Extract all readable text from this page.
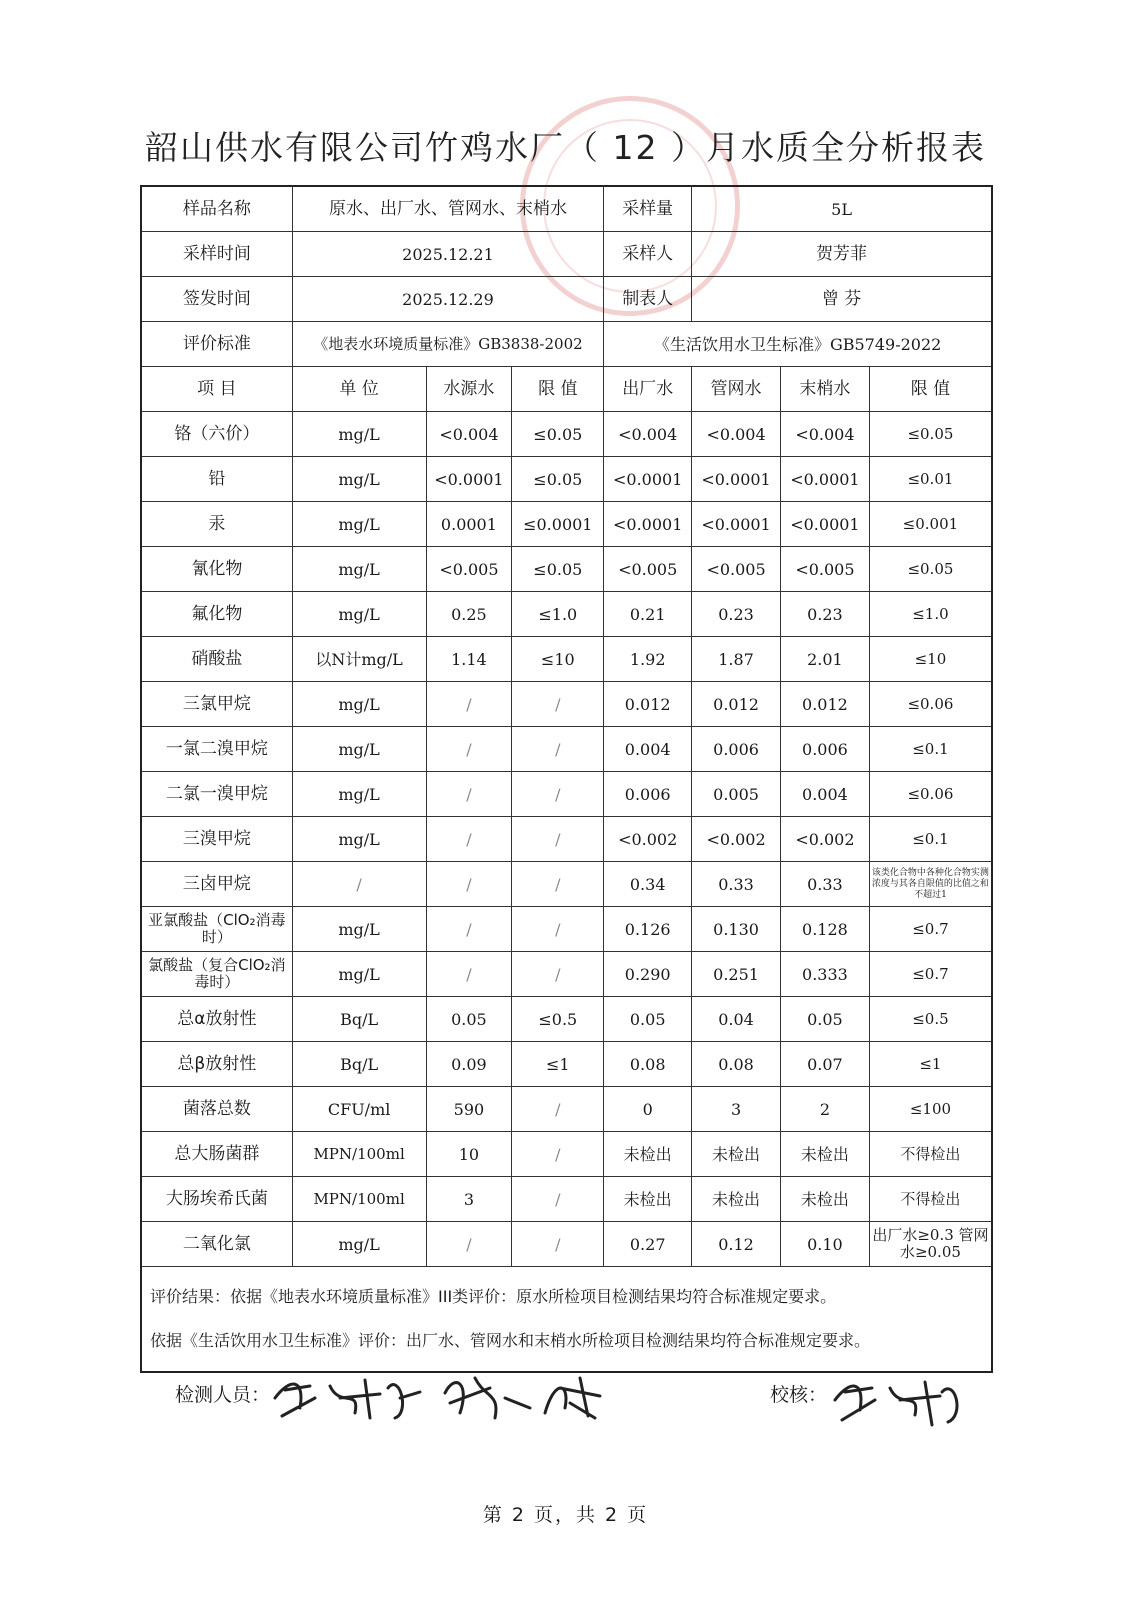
韶山供水有限公司竹鸡水厂（ 12 ）月水质全分析报表
样品名称	原水、出厂水、管网水、末梢水			采样量	5L		
采样时间	2025.12.21			采样人	贺芳菲		
签发时间	2025.12.29			制表人	曾 芬		
评价标准	《地表水环境质量标准》GB3838-2002			《生活饮用水卫生标准》GB5749-2022			
项 目	单 位	水源水	限 值	出厂水	管网水	末梢水	限 值
铬（六价）	mg/L	<0.004	≤0.05	<0.004	<0.004	<0.004	≤0.05
铅	mg/L	<0.0001	≤0.05	<0.0001	<0.0001	<0.0001	≤0.01
汞	mg/L	0.0001	≤0.0001	<0.0001	<0.0001	<0.0001	≤0.001
氰化物	mg/L	<0.005	≤0.05	<0.005	<0.005	<0.005	≤0.05
氟化物	mg/L	0.25	≤1.0	0.21	0.23	0.23	≤1.0
硝酸盐	以N计mg/L	1.14	≤10	1.92	1.87	2.01	≤10
三氯甲烷	mg/L	/	/	0.012	0.012	0.012	≤0.06
一氯二溴甲烷	mg/L	/	/	0.004	0.006	0.006	≤0.1
二氯一溴甲烷	mg/L	/	/	0.006	0.005	0.004	≤0.06
三溴甲烷	mg/L	/	/	<0.002	<0.002	<0.002	≤0.1
三卤甲烷	/	/	/	0.34	0.33	0.33	该类化合物中各种化合物实测浓度与其各自限值的比值之和不超过1
亚氯酸盐（ClO₂消毒时）	mg/L	/	/	0.126	0.130	0.128	≤0.7
氯酸盐（复合ClO₂消毒时）	mg/L	/	/	0.290	0.251	0.333	≤0.7
总α放射性	Bq/L	0.05	≤0.5	0.05	0.04	0.05	≤0.5
总β放射性	Bq/L	0.09	≤1	0.08	0.08	0.07	≤1
菌落总数	CFU/ml	590	/	0	3	2	≤100
总大肠菌群	MPN/100ml	10	/	未检出	未检出	未检出	不得检出
大肠埃希氏菌	MPN/100ml	3	/	未检出	未检出	未检出	不得检出
二氧化氯	mg/L	/	/	0.27	0.12	0.10	出厂水≥0.3 管网水≥0.05

评价结果：依据《地表水环境质量标准》III类评价：原水所检项目检测结果均符合标准规定要求。
依据《生活饮用水卫生标准》评价：出厂水、管网水和末梢水所检项目检测结果均符合标准规定要求。							
检测人员：	校核：
第 2 页，共 2 页
